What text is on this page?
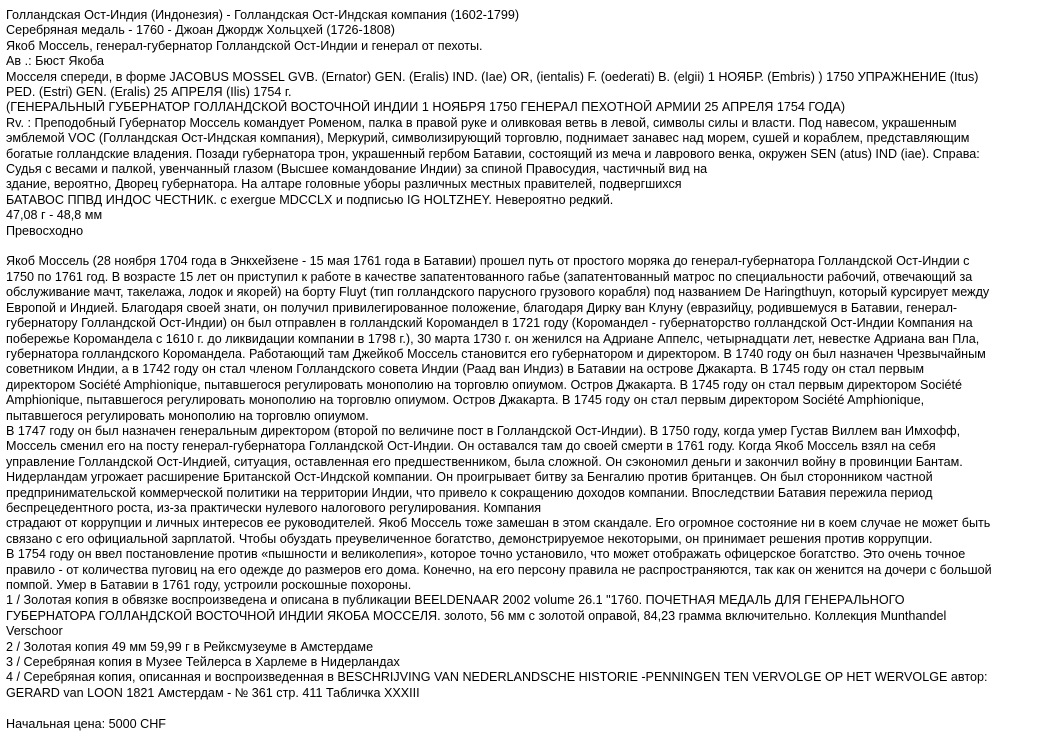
Голландская Ост-Индия (Индонезия) - Голландская Ост-Индская компания (1602-1799)
Серебряная медаль - 1760 - Джоан Джордж Хольцхей (1726-1808)
Якоб Моссель, генерал-губернатор Голландской Ост-Индии и генерал от пехоты.
Ав .: Бюст Якоба
Мосселя спереди, в форме JACOBUS MOSSEL GVB. (Ernator) GEN. (Eralis) IND. (Iae) OR, (ientalis) F. (oederati) B. (elgii) 1 НОЯБР. (Embris) ) 1750 УПРАЖНЕНИЕ (Itus)
PED. (Estri) GEN. (Eralis) 25 АПРЕЛЯ (Ilis) 1754 г.
(ГЕНЕРАЛЬНЫЙ ГУБЕРНАТОР ГОЛЛАНДСКОЙ ВОСТОЧНОЙ ИНДИИ 1 НОЯБРЯ 1750 ГЕНЕРАЛ ПЕХОТНОЙ АРМИИ 25 АПРЕЛЯ 1754 ГОДА)
Rv. : Преподобный Губернатор Моссель командует Роменом, палка в правой руке и оливковая ветвь в левой, символы силы и власти. Под навесом, украшенным
эмблемой VOC (Голландская Ост-Индская компания), Меркурий, символизирующий торговлю, поднимает занавес над морем, сушей и кораблем, представляющим
богатые голландские владения. Позади губернатора трон, украшенный гербом Батавии, состоящий из меча и лаврового венка, окружен SEN (atus) IND (iae). Справа:
Судья с весами и палкой, увенчанный глазом (Высшее командование Индии) за спиной Правосудия, частичный вид на
здание, вероятно, Дворец губернатора. На алтаре головные уборы различных местных правителей, подвергшихся
БАТАВОС ППВД ИНДОС ЧЕСТНИК. с exergue MDCCLX и подписью IG HOLTZHEY. Невероятно редкий.
47,08 г - 48,8 мм
Превосходно
Якоб Моссель (28 ноября 1704 года в Энкхейзене - 15 мая 1761 года в Батавии) прошел путь от простого моряка до генерал-губернатора Голландской Ост-Индии с
1750 по 1761 год. В возрасте 15 лет он приступил к работе в качестве запатентованного габье (запатентованный матрос по специальности рабочий, отвечающий за
обслуживание мачт, такелажа, лодок и якорей) на борту Fluyt (тип голландского парусного грузового корабля) под названием De Haringthuyn, который курсирует между
Европой и Индией. Благодаря своей знати, он получил привилегированное положение, благодаря Дирку ван Клуну (евразийцу, родившемуся в Батавии, генерал-
губернатору Голландской Ост-Индии) он был отправлен в голландский Коромандел в 1721 году (Коромандел - губернаторство голландской Ост-Индии Компания на
побережье Коромандела с 1610 г. до ликвидации компании в 1798 г.), 30 марта 1730 г. он женился на Адриане Аппелс, четырнадцати лет, невестке Адриана ван Пла,
губернатора голландского Коромандела. Работающий там Джейкоб Моссель становится его губернатором и директором. В 1740 году он был назначен Чрезвычайным
советником Индии, а в 1742 году он стал членом Голландского совета Индии (Раад ван Индиз) в Батавии на острове Джакарта. В 1745 году он стал первым
директором Société Amphionique, пытавшегося регулировать монополию на торговлю опиумом. Остров Джакарта. В 1745 году он стал первым директором Société
Amphionique, пытавшегося регулировать монополию на торговлю опиумом. Остров Джакарта. В 1745 году он стал первым директором Société Amphionique,
пытавшегося регулировать монополию на торговлю опиумом.
В 1747 году он был назначен генеральным директором (второй по величине пост в Голландской Ост-Индии). В 1750 году, когда умер Густав Виллем ван Имхофф,
Моссель сменил его на посту генерал-губернатора Голландской Ост-Индии. Он оставался там до своей смерти в 1761 году. Когда Якоб Моссель взял на себя
управление Голландской Ост-Индией, ситуация, оставленная его предшественником, была сложной. Он сэкономил деньги и закончил войну в провинции Бантам.
Нидерландам угрожает расширение Британской Ост-Индской компании. Он проигрывает битву за Бенгалию против британцев. Он был сторонником частной
предпринимательской коммерческой политики на территории Индии, что привело к сокращению доходов компании. Впоследствии Батавия пережила период
беспрецедентного роста, из-за практически нулевого налогового регулирования. Компания
страдают от коррупции и личных интересов ее руководителей. Якоб Моссель тоже замешан в этом скандале. Его огромное состояние ни в коем случае не может быть
связано с его официальной зарплатой. Чтобы обуздать преувеличенное богатство, демонстрируемое некоторыми, он принимает решения против коррупции.
В 1754 году он ввел постановление против «пышности и великолепия», которое точно установило, что может отображать офицерское богатство. Это очень точное
правило - от количества пуговиц на его одежде до размеров его дома. Конечно, на его персону правила не распространяются, так как он женится на дочери с большой
помпой. Умер в Батавии в 1761 году, устроили роскошные похороны.
1 / Золотая копия в обвязке воспроизведена и описана в публикации BEELDENAAR 2002 volume 26.1 "1760. ПОЧЕТНАЯ МЕДАЛЬ ДЛЯ ГЕНЕРАЛЬНОГО
ГУБЕРНАТОРА ГОЛЛАНДСКОЙ ВОСТОЧНОЙ ИНДИИ ЯКОБА МОССЕЛЯ. золото, 56 мм с золотой оправой, 84,23 грамма включительно. Коллекция Munthandel
Verschoor
2 / Золотая копия 49 мм 59,99 г в Рейксмузеуме в Амстердаме
3 / Серебряная копия в Музее Тейлерса в Харлеме в Нидерландах
4 / Серебряная копия, описанная и воспроизведенная в BESCHRIJVING VAN NEDERLANDSCHE HISTORIE -PENNINGEN TEN VERVOLGE OP HET WERVOLGE автор:
GERARD van LOON 1821 Амстердам - № 361 стр. 411 Табличка XXXIII
Начальная цена: 5000 CHF
